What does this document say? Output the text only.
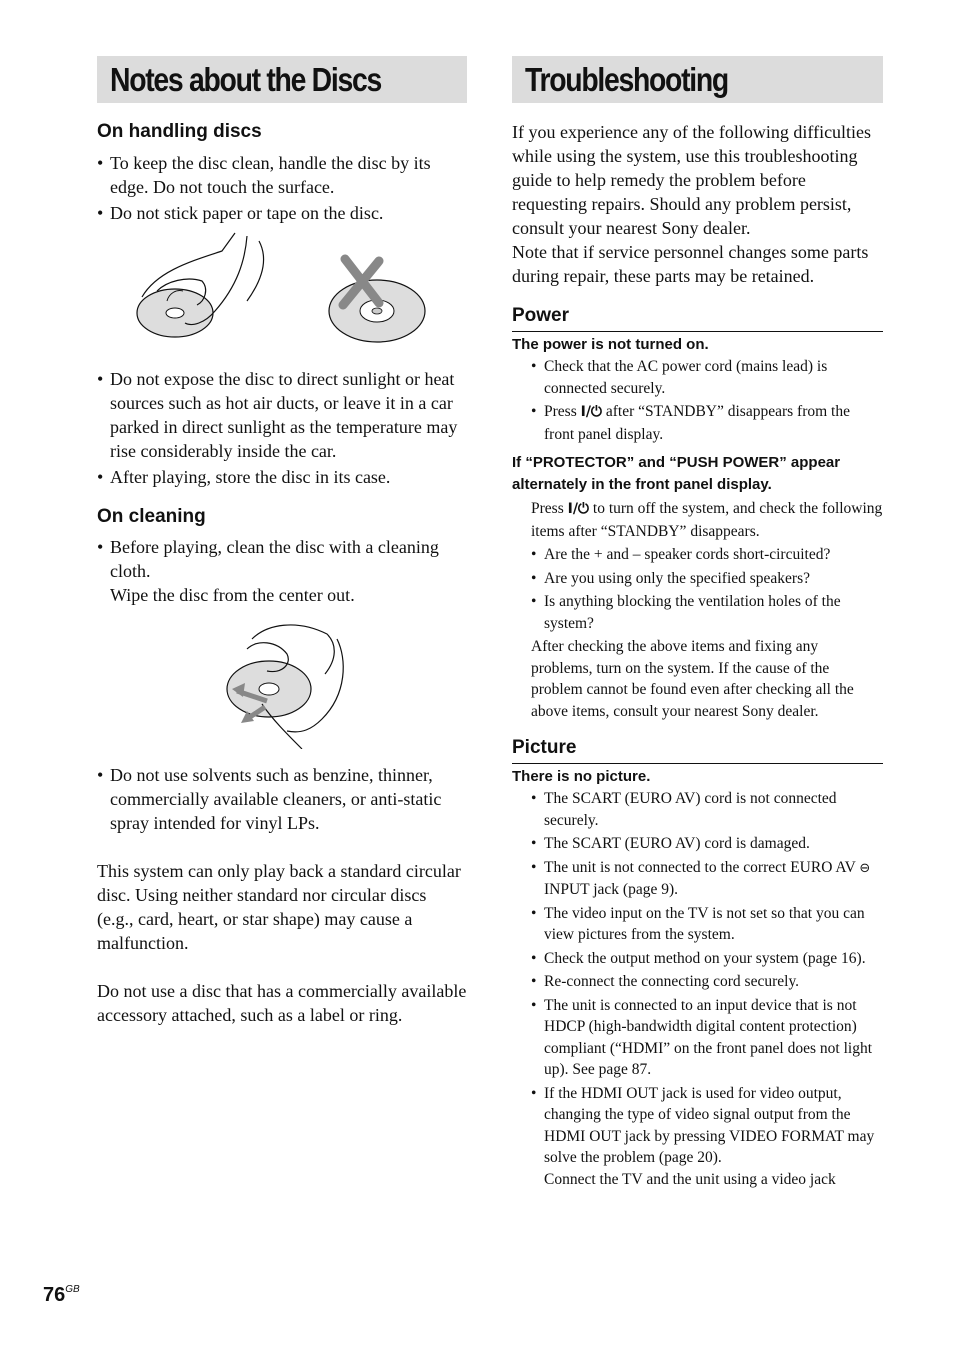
Notes about the Discs

On handling discs

• To keep the disc clean, handle the disc by its edge. Do not touch the surface.
• Do not stick paper or tape on the disc.
• Do not expose the disc to direct sunlight or heat sources such as hot air ducts, or leave it in a car parked in direct sunlight as the temperature may rise considerably inside the car.
• After playing, store the disc in its case.

On cleaning

• Before playing, clean the disc with a cleaning cloth.
Wipe the disc from the center out.
• Do not use solvents such as benzine, thinner, commercially available cleaners, or anti-static spray intended for vinyl LPs.

This system can only play back a standard circular disc. Using neither standard nor circular discs (e.g., card, heart, or star shape) may cause a malfunction.

Do not use a disc that has a commercially available accessory attached, such as a label or ring.

Troubleshooting

If you experience any of the following difficulties while using the system, use this troubleshooting guide to help remedy the problem before requesting repairs. Should any problem persist, consult your nearest Sony dealer.

Note that if service personnel changes some parts during repair, these parts may be retained.

Power

The power is not turned on.

• Check that the AC power cord (mains lead) is connected securely.
• Press I/⏻ after “STANDBY” disappears from the front panel display.

If “PROTECTOR” and “PUSH POWER” appear alternately in the front panel display.

Press I/⏻ to turn off the system, and check the following items after “STANDBY” disappears.

• Are the + and – speaker cords short-circuited?
• Are you using only the specified speakers?
• Is anything blocking the ventilation holes of the system?

After checking the above items and fixing any problems, turn on the system. If the cause of the problem cannot be found even after checking all the above items, consult your nearest Sony dealer.

Picture

There is no picture.

• The SCART (EURO AV) cord is not connected securely.
• The SCART (EURO AV) cord is damaged.
• The unit is not connected to the correct EURO AV ⊖ INPUT jack (page 9).
• The video input on the TV is not set so that you can view pictures from the system.
• Check the output method on your system (page 16).
• Re-connect the connecting cord securely.
• The unit is connected to an input device that is not HDCP (high-bandwidth digital content protection) compliant (“HDMI” on the front panel does not light up). See page 87.
• If the HDMI OUT jack is used for video output, changing the type of video signal output from the HDMI OUT jack by pressing VIDEO FORMAT may solve the problem (page 20).
Connect the TV and the unit using a video jack
$76^{GB}$
